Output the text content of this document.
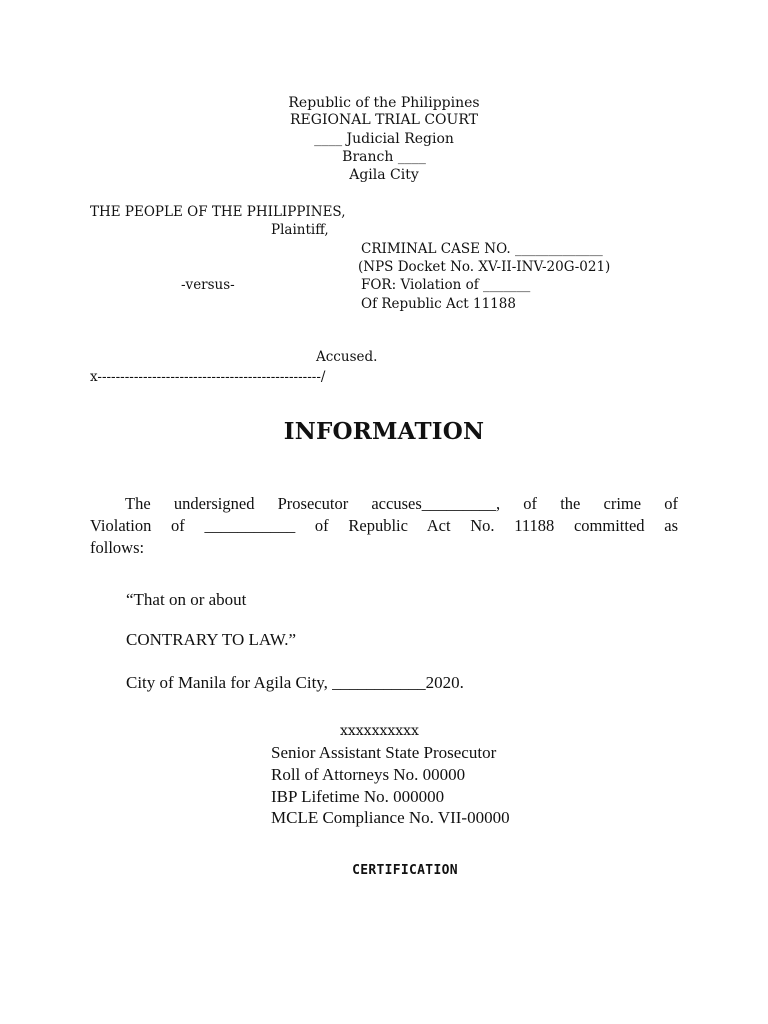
Republic of the Philippines
REGIONAL TRIAL COURT
____ Judicial Region
Branch ____
Agila City
THE PEOPLE OF THE PHILIPPINES,
Plaintiff,
CRIMINAL CASE NO. _____________
(NPS Docket No. XV-II-INV-20G-021)
-versus-	FOR: Violation of _______
Of Republic Act 11188
Accused.
x-------------------------------------------------/
INFORMATION
The undersigned Prosecutor accuses_________, of the crime of
Violation of ___________ of Republic Act No. 11188 committed as
follows:
“That on or about
CONTRARY TO LAW.”
City of Manila for Agila City, ___________2020.
xxxxxxxxxx
Senior Assistant State Prosecutor
Roll of Attorneys No. 00000
IBP Lifetime No. 000000
MCLE Compliance No. VII-00000
CERTIFICATION
